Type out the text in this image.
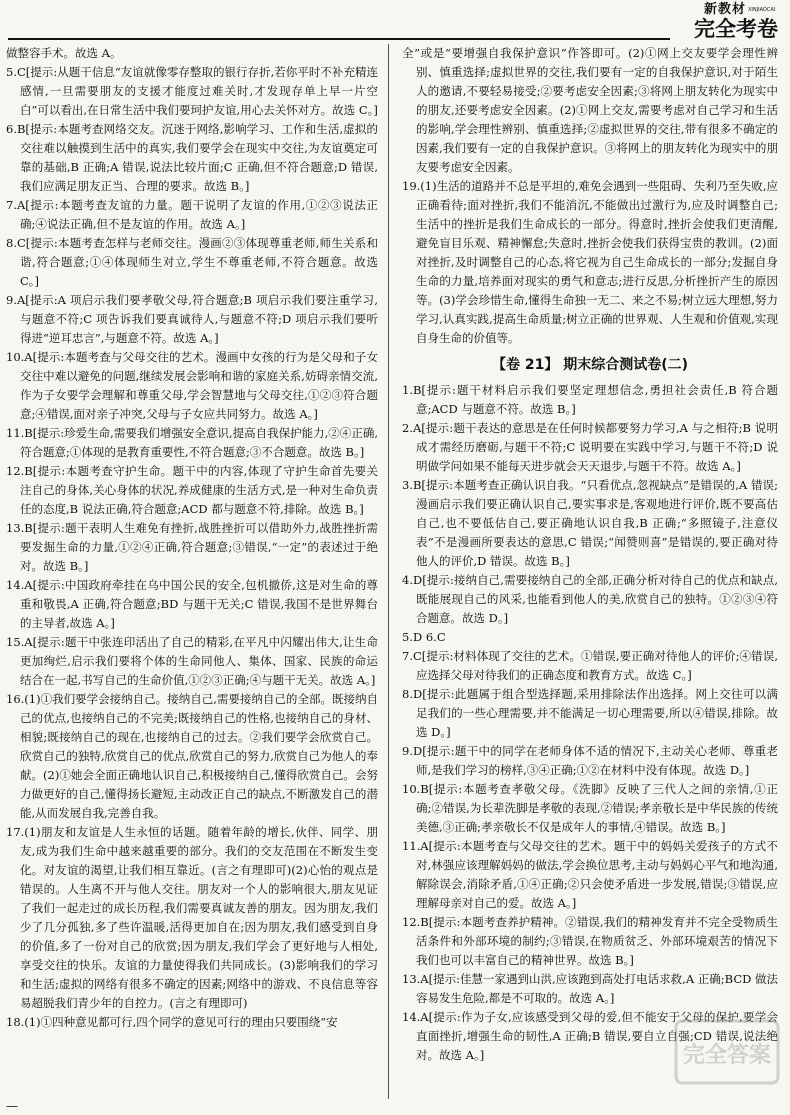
新教材 XINJIAOCAI
完全考卷

做整容手术。故选 A。

5.C[提示:从题干信息“友谊就像零存整取的银行存折,若你平时不补充精连感情,一旦需要朋友的支援才能度过难关时,才发现存单上早一片空白”可以看出,在日常生活中我们要珂护友谊,用心去关怀对方。故选 C。]

6.B[提示:本题考查网络交友。沉迷于网络,影响学习、工作和生活,虚拟的交往难以触摸到生活中的真实,我们要学会在现实中交往,为友谊奠定可靠的基础,B 正确;A 错误,说法比较片面;C 正确,但不符合题意;D 错误,我们应满足朋友正当、合理的要求。故选 B。]

7.A[提示:本题考查友谊的力量。题干说明了友谊的作用,①②③说法正确;④说法正确,但不是友谊的作用。故选 A。]

8.C[提示:本题考查怎样与老师交往。漫画②③体现尊重老师,师生关系和谐,符合题意;①④体现师生对立,学生不尊重老师,不符合题意。故选 C。]

9.A[提示:A 项启示我们要孝敬父母,符合题意;B 项启示我们要注重学习,与题意不符;C 项告诉我们要真诚待人,与题意不符;D 项启示我们要听得进“逆耳忠言”,与题意不符。故选 A。]

10.A[提示:本题考查与父母交往的艺术。漫画中女孩的行为是父母和子女交往中难以避免的问题,继续发展会影响和谐的家庭关系,妨碍亲情交流,作为子女要学会理解和尊重父母,学会智慧地与父母交往,①②③符合题意;④错误,面对亲子冲突,父母与子女应共同努力。故选 A。]

11.B[提示:珍爱生命,需要我们增强安全意识,提高自我保护能力,②④正确,符合题意;①体现的是教育重要性,不符合题意;③不合题意。故选 B。]

12.B[提示:本题考查守护生命。题干中的内容,体现了守护生命首先要关注自己的身体,关心身体的状况,养成健康的生活方式,是一种对生命负责任的态度,B 说法正确,符合题意;ACD 都与题意不符,排除。故选 B。]

13.B[提示:题干表明人生难免有挫折,战胜挫折可以借助外力,战胜挫折需要发掘生命的力量,①②④正确,符合题意;③错误,“一定”的表述过于绝对。故选 B。]

14.A[提示:中国政府牵挂在乌中国公民的安全,包机撤侨,这是对生命的尊重和敬畏,A 正确,符合题意;BD 与题干无关;C 错误,我国不是世界舞台的主导者,故选 A。]

15.A[提示:题干中张连印活出了自己的精彩,在平凡中闪耀出伟大,让生命更加绚烂,启示我们要将个体的生命同他人、集体、国家、民族的命运结合在一起,书写自己的生命价值,①②③正确;④与题干无关。故选 A。]

16.(1)①我们要学会接纳自己。接纳自己,需要接纳自己的全部。既接纳自己的优点,也接纳自己的不完美;既接纳自己的性格,也接纳自己的身材、相貌;既接纳自己的现在,也接纳自己的过去。②我们要学会欣赏自己。欣赏自己的独特,欣赏自己的优点,欣赏自己的努力,欣赏自己为他人的奉献。(2)①她会全面正确地认识自己,积极接纳自己,懂得欣赏自己。会努力做更好的自己,懂得扬长避短,主动改正自己的缺点,不断激发自己的潜能,从而发展自我,完善自我。

17.(1)朋友和友谊是人生永恒的话题。随着年龄的增长,伙伴、同学、朋友,成为我们生命中越来越重要的部分。我们的交友范围在不断发生变化。对友谊的渴望,让我们相互靠近。(言之有理即可)(2)心怡的观点是错误的。人生离不开与他人交往。朋友对一个人的影响很大,朋友见证了我们一起走过的成长历程,我们需要真诚友善的朋友。因为朋友,我们少了几分孤独,多了些许温暖,活得更加自在;因为朋友,我们感受到自身的价值,多了一份对自己的欣赏;因为朋友,我们学会了更好地与人相处,享受交往的快乐。友谊的力量使得我们共同成长。(3)影响我们的学习和生活;虚拟的网络有很多不确定的因素;网络中的游戏、不良信息等容易超脱我们青少年的自控力。(言之有理即可)

18.(1)①四种意见都可行,四个同学的意见可行的理由只要围绕“安

全”或是“要增强自我保护意识”作答即可。(2)①网上交友要学会理性辨别、慎重选择;虚拟世界的交往,我们要有一定的自我保护意识,对于陌生人的邀请,不要轻易接受;②要考虑安全因素;③将网上朋友转化为现实中的朋友,还要考虑安全因素。(2)①网上交友,需要考虑对自己学习和生活的影响,学会理性辨别、慎重选择;②虚拟世界的交往,带有很多不确定的因素,我们要有一定的自我保护意识。③将网上的朋友转化为现实中的朋友要考虑安全因素。

19.(1)生活的道路并不总是平坦的,难免会遇到一些阻碍、失利乃至失败,应正确看待;面对挫折,我们不能消沉,不能做出过激行为,应及时调整自己;生活中的挫折是我们生命成长的一部分。得意时,挫折会使我们更清醒,避免盲目乐观、精神懈怠;失意时,挫折会使我们获得宝贵的教训。(2)面对挫折,及时调整自己的心态,将它视为自己生命成长的一部分;发掘自身生命的力量,培养面对现实的勇气和意志;进行反思,分析挫折产生的原因等。(3)学会珍惜生命,懂得生命独一无二、来之不易;树立远大理想,努力学习,认真实践,提高生命质量;树立正确的世界观、人生观和价值观,实现自身生命的价值等。

【卷 21】 期末综合测试卷(二)

1.B[提示:题干材料启示我们要坚定理想信念,勇担社会责任,B 符合题意;ACD 与题意不符。故选 B。]

2.A[提示:题干表达的意思是在任何时候都要努力学习,A 与之相符;B 说明成才需经历磨砺,与题干不符;C 说明要在实践中学习,与题干不符;D 说明做学问如果不能每天进步就会天天退步,与题干不符。故选 A。]

3.B[提示:本题考查正确认识自我。“只看优点,忽视缺点”是错误的,A 错误;漫画启示我们要正确认识自己,要实事求是,客观地进行评价,既不要高估自己,也不要低估自己,要正确地认识自我,B 正确;“多照镜子,注意仪表”不是漫画所要表达的意思,C 错误;“闻赞则喜”是错误的,要正确对待他人的评价,D 错误。故选 B。]

4.D[提示:接纳自己,需要接纳自己的全部,正确分析对待自己的优点和缺点,既能展现自己的风采,也能看到他人的美,欣赏自己的独特。①②③④符合题意。故选 D。]

5.D 6.C

7.C[提示:材料体现了交往的艺术。①错误,要正确对待他人的评价;④错误,应选择父母对待我们的正确态度和教育方式。故选 C。]

8.D[提示:此题属于组合型选择题,采用排除法作出选择。网上交往可以满足我们的一些心理需要,并不能满足一切心理需要,所以④错误,排除。故选 D。]

9.D[提示:题干中的同学在老师身体不适的情况下,主动关心老师、尊重老师,是我们学习的榜样,③④正确;①②在材料中没有体现。故选 D。]

10.B[提示:本题考查孝敬父母。《洗脚》反映了三代人之间的亲情,①正确;②错误,为长辈洗脚是孝敬的表现,②错误;孝亲敬长是中华民族的传统美德,③正确;孝亲敬长不仅是成年人的事情,④错误。故选 B。]

11.A[提示:本题考查与父母交往的艺术。题干中的妈妈关爱孩子的方式不对,林强应该理解妈妈的做法,学会换位思考,主动与妈妈心平气和地沟通,解除误会,消除矛盾,①④正确;②只会使矛盾进一步发展,错误;③错误,应理解母亲对自己的爱。故选 A。]

12.B[提示:本题考查养护精神。②错误,我们的精神发育并不完全受物质生活条件和外部环境的制约;③错误,在物质贫乏、外部环境艰苦的情况下我们也可以丰富自己的精神世界。故选 B。]

13.A[提示:佳慧一家遇到山洪,应该跑到高处打电话求救,A 正确;BCD 做法容易发生危险,都是不可取的。故选 A。]

14.A[提示:作为子女,应该感受到父母的爱,但不能安于父母的保护,要学会直面挫折,增强生命的韧性,A 正确;B 错误,要自立自强;CD 错误,说法绝对。故选 A。]

—
完全答案
